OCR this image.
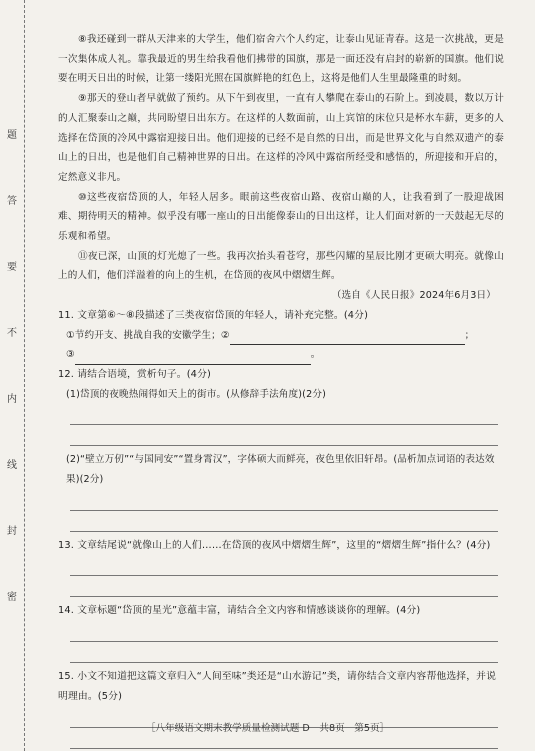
题
答
要
不
内
线
封
密

⑧我还碰到一群从天津来的大学生，他们宿舍六个人约定，让泰山见证青春。这是一次挑战，更是一次集体成人礼。靠我最近的男生给我看他们拂带的国旗，那是一面还没有启封的崭新的国旗。他们说要在明天日出的时候，让第一缕阳光照在国旗鲜艳的红色上，这将是他们人生里最隆重的时刻。

⑨那天的登山者早就做了预约。从下午到夜里，一直有人攀爬在泰山的石阶上。到凌晨，数以万计的人汇聚泰山之巅，共同盼望日出东方。在这样的人数面前，山上宾馆的床位只是杯水车薪，更多的人选择在岱顶的冷风中露宿迎接日出。他们迎接的已经不是自然的日出，而是世界文化与自然双遗产的泰山上的日出，也是他们自己精神世界的日出。在这样的冷风中露宿所经受和感悟的，所迎接和开启的，定然意义非凡。

⑩这些夜宿岱顶的人，年轻人居多。眼前这些夜宿山路、夜宿山巅的人，让我看到了一股迎战困难、期待明天的精神。似乎没有哪一座山的日出能像泰山的日出这样，让人们面对新的一天鼓起无尽的乐观和希望。

⑪夜已深，山顶的灯光熄了一些。我再次抬头看苍穹，那些闪耀的星辰比刚才更硕大明亮。就像山上的人们，他们洋溢着的向上的生机，在岱顶的夜风中熠熠生辉。

（选自《人民日报》2024年6月3日）

11. 文章第⑥～⑧段描述了三类夜宿岱顶的年轻人，请补充完整。(4分)

①节约开支、挑战自我的安徽学生；②	；
③	。

12. 请结合语境，赏析句子。(4分)

(1)岱顶的夜晚热闹得如天上的街市。(从修辞手法角度)(2分)

(2)“壁立万仞”“与国同安”“置身霄汉”，字体硕大而鲜亮，夜色里依旧轩昂。(品析加点词语的表达效果)(2分)

13. 文章结尾说“就像山上的人们……在岱顶的夜风中熠熠生辉”，这里的“熠熠生辉”指什么？(4分)

14. 文章标题“岱顶的星光”意蕴丰富，请结合全文内容和情感谈谈你的理解。(4分)

15. 小文不知道把这篇文章归入“人间至味”类还是“山水游记”类，请你结合文章内容帮他选择，并说明理由。(5分)

［八年级语文期末教学质量检测试题 D　共8页　第5页］
